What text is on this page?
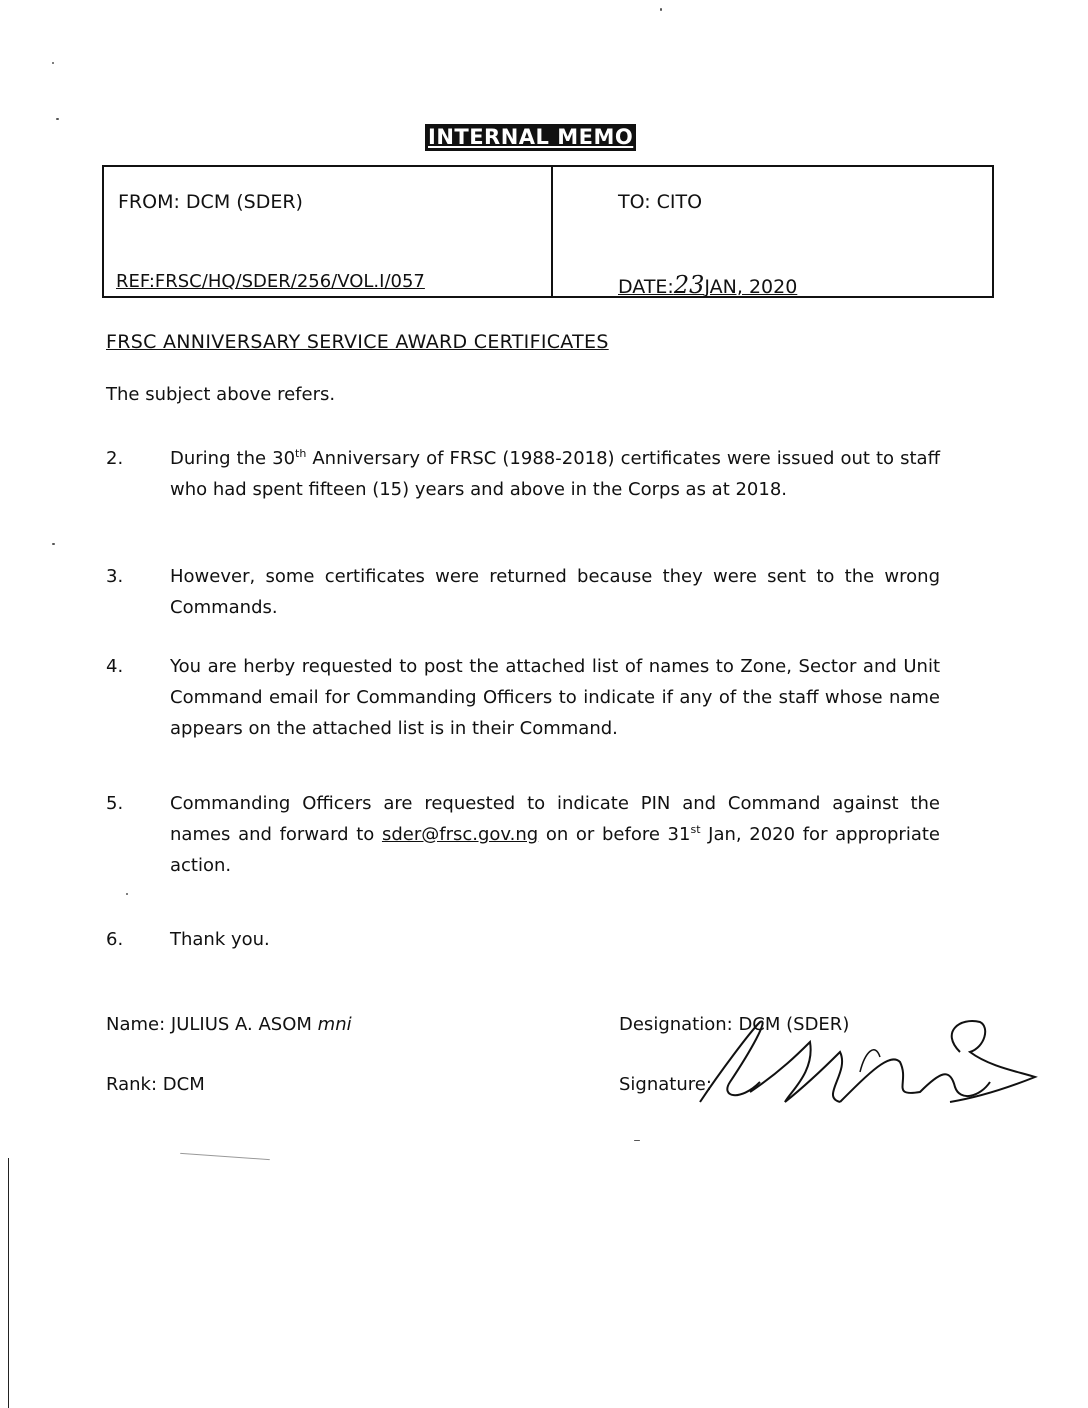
INTERNAL MEMO
FROM: DCM (SDER)	TO: CITO
REF:FRSC/HQ/SDER/256/VOL.I/057	DATE:23JAN, 2020
FRSC ANNIVERSARY SERVICE AWARD CERTIFICATES
The subject above refers.
2.	During the 30th Anniversary of FRSC (1988-2018) certificates were issued out to staff who had spent fifteen (15) years and above in the Corps as at 2018.
3.	However, some certificates were returned because they were sent to the wrong Commands.
4.	You are herby requested to post the attached list of names to Zone, Sector and Unit Command email for Commanding Officers to indicate if any of the staff whose name appears on the attached list is in their Command.
5.	Commanding Officers are requested to indicate PIN and Command against the names and forward to sder@frsc.gov.ng on or before 31st Jan, 2020 for appropriate action.
6.	Thank you.
Name: JULIUS A. ASOM mni
Rank: DCM
Designation: DCM (SDER)
Signature:
